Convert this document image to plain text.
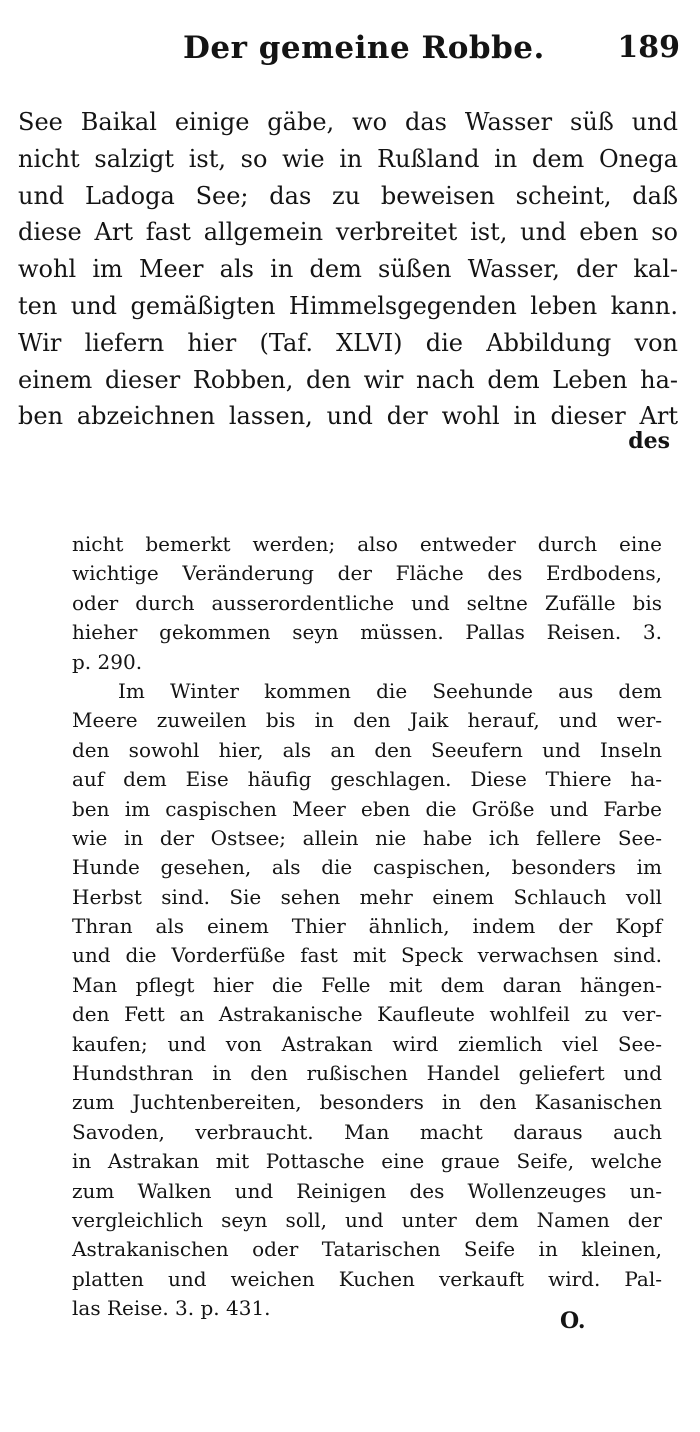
Der gemeine Robbe. 189
See Baikal einige gäbe, wo das Wasser süß und
nicht salzigt ist, so wie in Rußland in dem Onega
und Ladoga See; das zu beweisen scheint, daß
diese Art fast allgemein verbreitet ist, und eben so
wohl im Meer als in dem süßen Wasser, der kal-
ten und gemäßigten Himmelsgegenden leben kann.
Wir liefern hier (Taf. XLVI) die Abbildung von
einem dieser Robben, den wir nach dem Leben ha-
ben abzeichnen lassen, und der wohl in dieser Art
des
nicht bemerkt werden; also entweder durch eine
wichtige Veränderung der Fläche des Erdbodens,
oder durch ausserordentliche und seltne Zufälle bis
hieher gekommen seyn müssen. Pallas Reisen. 3.
p. 290.
Im Winter kommen die Seehunde aus dem
Meere zuweilen bis in den Jaik herauf, und wer-
den sowohl hier, als an den Seeufern und Inseln
auf dem Eise häufig geschlagen. Diese Thiere ha-
ben im caspischen Meer eben die Größe und Farbe
wie in der Ostsee; allein nie habe ich fellere See-
Hunde gesehen, als die caspischen, besonders im
Herbst sind. Sie sehen mehr einem Schlauch voll
Thran als einem Thier ähnlich, indem der Kopf
und die Vorderfüße fast mit Speck verwachsen sind.
Man pflegt hier die Felle mit dem daran hängen-
den Fett an Astrakanische Kaufleute wohlfeil zu ver-
kaufen; und von Astrakan wird ziemlich viel See-
Hundsthran in den rußischen Handel geliefert und
zum Juchtenbereiten, besonders in den Kasanischen
Savoden, verbraucht. Man macht daraus auch
in Astrakan mit Pottasche eine graue Seife, welche
zum Walken und Reinigen des Wollenzeuges un-
vergleichlich seyn soll, und unter dem Namen der
Astrakanischen oder Tatarischen Seife in kleinen,
platten und weichen Kuchen verkauft wird. Pal-
las Reise. 3. p. 431.	O.
